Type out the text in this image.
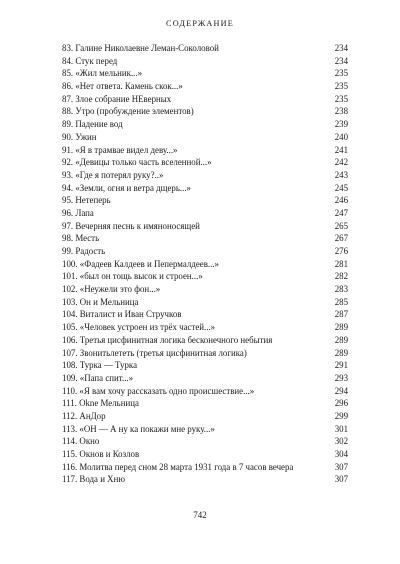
СОДЕРЖАНИЕ
83. Галине Николаевне Леман-Соколовой	234
84. Стук перед	234
85. «Жил мельник...»	235
86. «Нет ответа. Камень скок...»	235
87. Злое собрание НЕверных	235
88. Утро (пробуждение элементов)	238
89. Падение вод	239
90. Ужин	240
91. «Я в трамвае видел деву...»	241
92. «Девицы только часть вселенной...»	242
93. «Где я потерял руку?..»	243
94. «Земли, огня и ветра дщерь...»	245
95. Нетеперь	246
96. Лапа	247
97. Вечерняя песнь к имяноносящей	265
98. Месть	267
99. Радость	276
100. «Фадеев Калдеев и Пепермалдеев...»	281
101. «был он тощь высок и строен...»	282
102. «Неужели это фон...»	283
103. Он и Мельница	285
104. Виталист и Иван Стручков	287
105. «Человек устроен из трёх частей...»	289
106. Третья цисфинитная логика бесконечного небытия	289
107. Звонитьлететь (третья цисфинитная логика)	289
108. Турка — Турка	291
109. «Папа спит...»	293
110. «Я вам хочу рассказать одно происшествие...»	294
111. Oknе Мельница	296
112. АнДор	299
113. «ОН — А ну ка покажи мне руку...»	301
114. Окно	302
115. Окнов и Козлов	304
116. Молитва перед сном 28 марта 1931 года в 7 часов вечера	307
117. Вода и Хню	307
742
